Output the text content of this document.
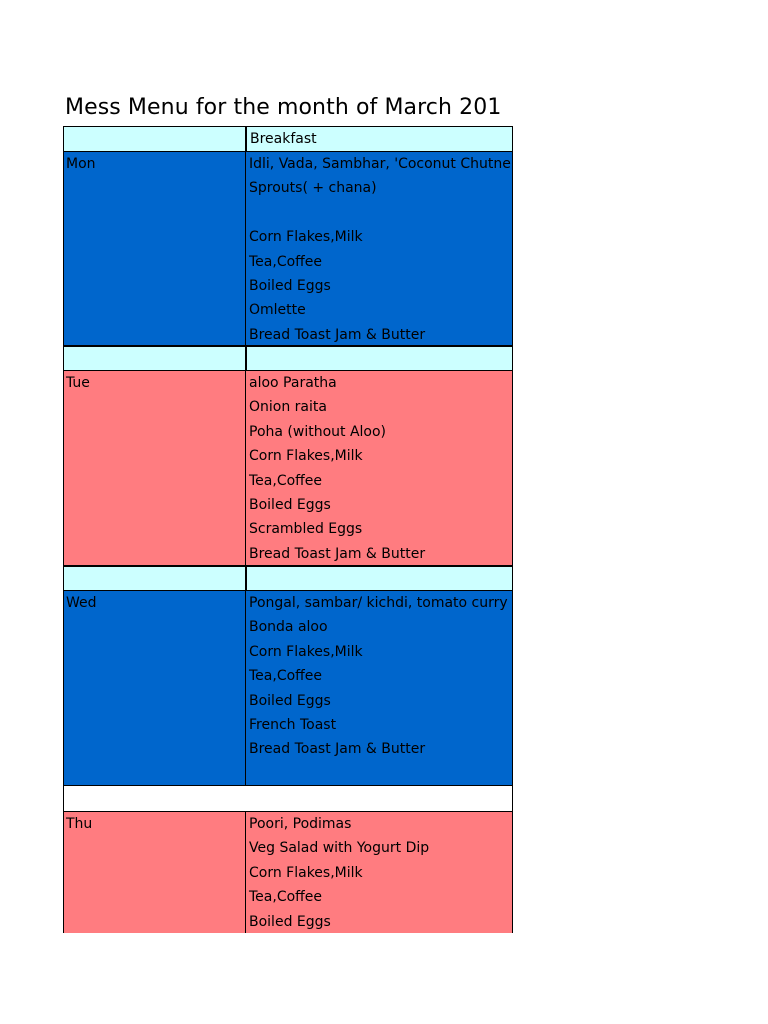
Mess Menu for the month of March 201
Breakfast
Mon	Idli, Vada, Sambhar, 'Coconut Chutne
Sprouts( + chana)
Corn Flakes,Milk
Tea,Coffee
Boiled Eggs
Omlette
Bread Toast Jam & Butter
Tue	aloo Paratha
Onion raita
Poha (without Aloo)
Corn Flakes,Milk
Tea,Coffee
Boiled Eggs
Scrambled Eggs
Bread Toast Jam & Butter
Wed	Pongal, sambar/ kichdi, tomato curry
Bonda aloo
Corn Flakes,Milk
Tea,Coffee
Boiled Eggs
French Toast
Bread Toast Jam & Butter
Thu	Poori, Podimas
Veg Salad with Yogurt Dip
Corn Flakes,Milk
Tea,Coffee
Boiled Eggs
